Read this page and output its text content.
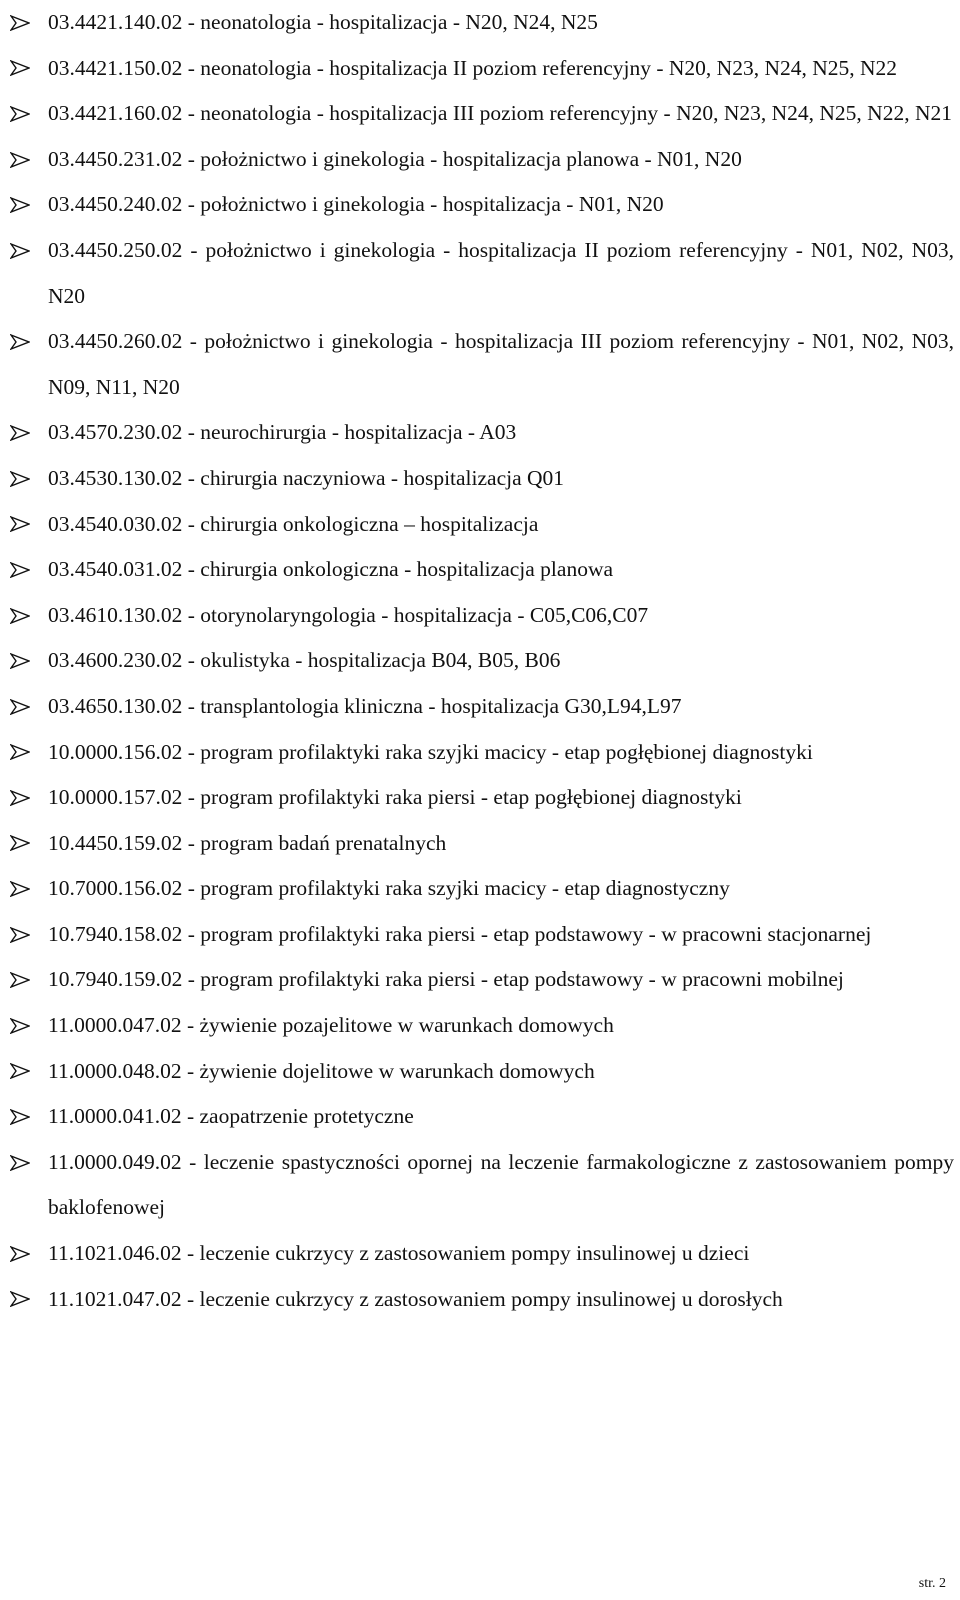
03.4421.140.02 - neonatologia - hospitalizacja - N20, N24, N25
03.4421.150.02 - neonatologia - hospitalizacja II poziom referencyjny - N20, N23, N24, N25, N22
03.4421.160.02 - neonatologia - hospitalizacja III poziom referencyjny - N20, N23, N24, N25, N22, N21
03.4450.231.02 - położnictwo i ginekologia - hospitalizacja planowa - N01, N20
03.4450.240.02 - położnictwo i ginekologia - hospitalizacja - N01, N20
03.4450.250.02 - położnictwo i ginekologia - hospitalizacja II poziom referencyjny - N01, N02, N03, N20
03.4450.260.02 - położnictwo i ginekologia - hospitalizacja III poziom referencyjny - N01, N02, N03, N09, N11, N20
03.4570.230.02 - neurochirurgia - hospitalizacja - A03
03.4530.130.02 - chirurgia naczyniowa - hospitalizacja Q01
03.4540.030.02 - chirurgia onkologiczna – hospitalizacja
03.4540.031.02 - chirurgia onkologiczna - hospitalizacja planowa
03.4610.130.02 - otorynolaryngologia - hospitalizacja - C05,C06,C07
03.4600.230.02 - okulistyka - hospitalizacja B04, B05, B06
03.4650.130.02 - transplantologia kliniczna - hospitalizacja G30,L94,L97
10.0000.156.02 - program profilaktyki raka szyjki macicy - etap pogłębionej diagnostyki
10.0000.157.02 - program profilaktyki raka piersi - etap pogłębionej diagnostyki
10.4450.159.02 - program badań prenatalnych
10.7000.156.02 - program profilaktyki raka szyjki macicy - etap diagnostyczny
10.7940.158.02 - program profilaktyki raka piersi - etap podstawowy - w pracowni stacjonarnej
10.7940.159.02 - program profilaktyki raka piersi - etap podstawowy - w pracowni mobilnej
11.0000.047.02 - żywienie pozajelitowe w warunkach domowych
11.0000.048.02 - żywienie dojelitowe w warunkach domowych
11.0000.041.02 - zaopatrzenie protetyczne
11.0000.049.02 - leczenie spastyczności opornej na leczenie farmakologiczne z zastosowaniem pompy baklofenowej
11.1021.046.02 - leczenie cukrzycy z zastosowaniem pompy insulinowej u dzieci
11.1021.047.02 - leczenie cukrzycy z zastosowaniem pompy insulinowej u dorosłych
str. 2
